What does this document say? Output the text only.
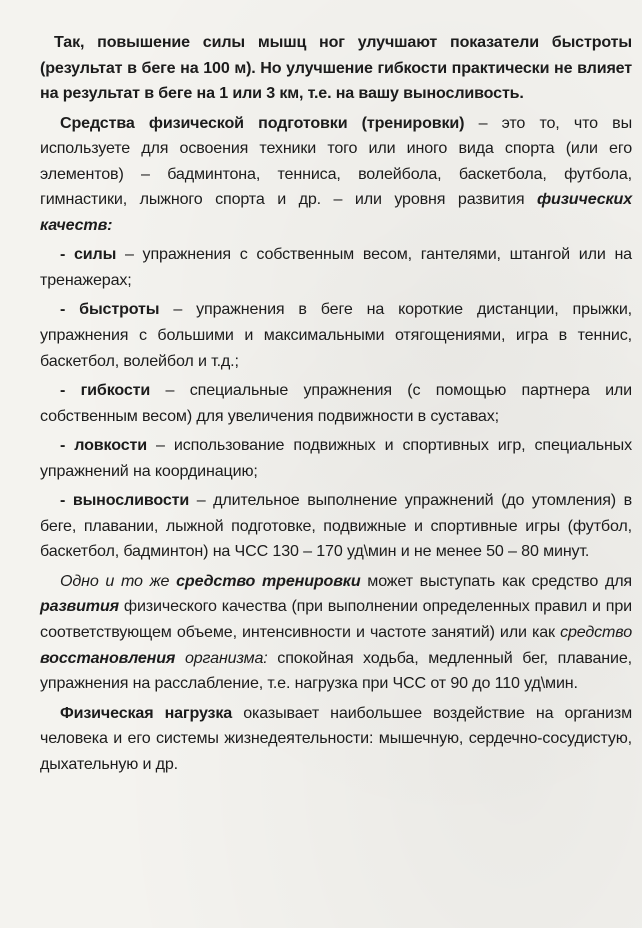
Так, повышение силы мышц ног улучшают показатели быстроты (результат в беге на 100 м). Но улучшение гибкости практически не влияет на результат в беге на 1 или 3 км, т.е. на вашу выносливость.

Средства физической подготовки (тренировки) – это то, что вы используете для освоения техники того или иного вида спорта (или его элементов) – бадминтона, тенниса, волейбола, баскетбола, футбола, гимнастики, лыжного спорта и др. – или уровня развития физических качеств:

- силы – упражнения с собственным весом, гантелями, штангой или на тренажерах;

- быстроты – упражнения в беге на короткие дистанции, прыжки, упражнения с большими и максимальными отягощениями, игра в теннис, баскетбол, волейбол и т.д.;

- гибкости – специальные упражнения (с помощью партнера или собственным весом) для увеличения подвижности в суставах;

- ловкости – использование подвижных и спортивных игр, специальных упражнений на координацию;

- выносливости – длительное выполнение упражнений (до утомления) в беге, плавании, лыжной подготовке, подвижные и спортивные игры (футбол, баскетбол, бадминтон) на ЧСС 130 – 170 уд\мин и не менее 50 – 80 минут.

Одно и то же средство тренировки может выступать как средство для развития физического качества (при выполнении определенных правил и при соответствующем объеме, интенсивности и частоте занятий) или как средство восстановления организма: спокойная ходьба, медленный бег, плавание, упражнения на расслабление, т.е. нагрузка при ЧСС от 90 до 110 уд\мин.

Физическая нагрузка оказывает наибольшее воздействие на организм человека и его системы жизнедеятельности: мышечную, сердечно-сосудистую, дыхательную и др.
